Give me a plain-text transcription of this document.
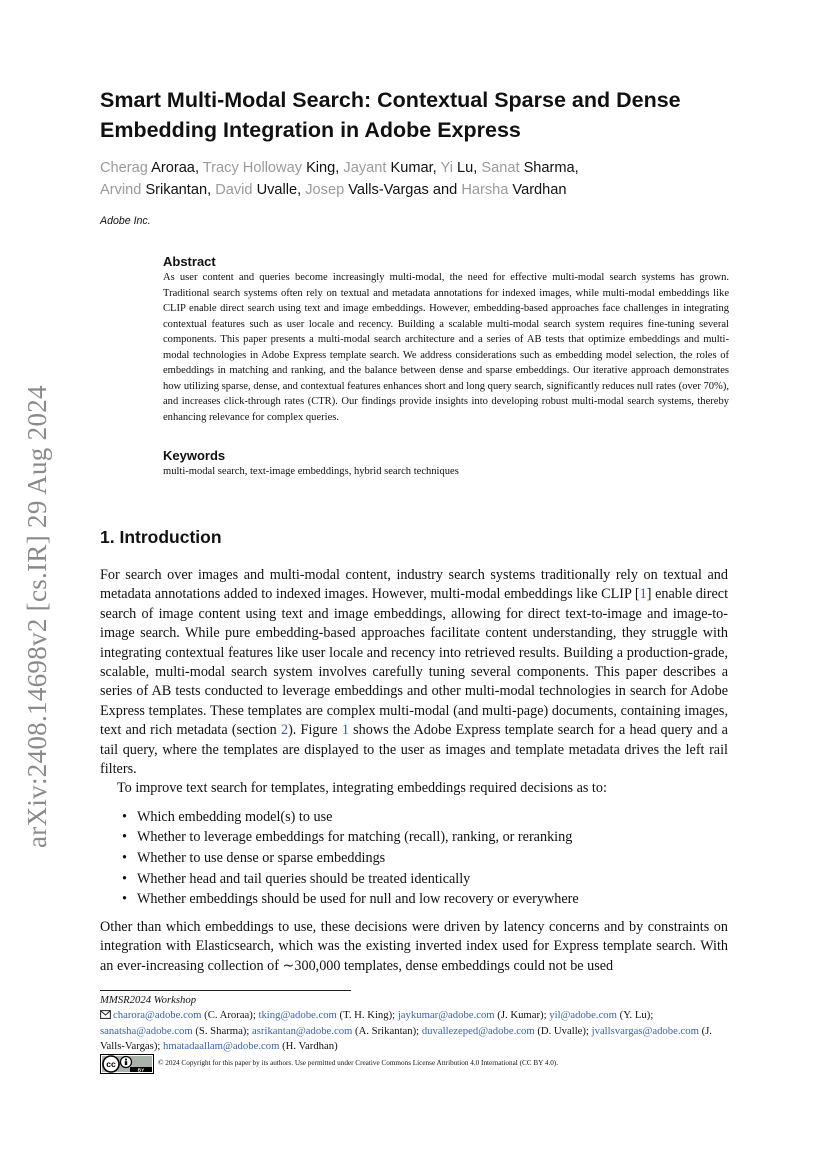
arXiv:2408.14698v2 [cs.IR] 29 Aug 2024
Smart Multi-Modal Search: Contextual Sparse and Dense Embedding Integration in Adobe Express
Cherag Aroraa, Tracy Holloway King, Jayant Kumar, Yi Lu, Sanat Sharma,
Arvind Srikantan, David Uvalle, Josep Valls-Vargas and Harsha Vardhan
Adobe Inc.
Abstract

As user content and queries become increasingly multi-modal, the need for effective multi-modal search systems has grown. Traditional search systems often rely on textual and metadata annotations for indexed images, while multi-modal embeddings like CLIP enable direct search using text and image embeddings. However, embedding-based approaches face challenges in integrating contextual features such as user locale and recency. Building a scalable multi-modal search system requires fine-tuning several components. This paper presents a multi-modal search architecture and a series of AB tests that optimize embeddings and multi-modal technologies in Adobe Express template search. We address considerations such as embedding model selection, the roles of embeddings in matching and ranking, and the balance between dense and sparse embeddings. Our iterative approach demonstrates how utilizing sparse, dense, and contextual features enhances short and long query search, significantly reduces null rates (over 70%), and increases click-through rates (CTR). Our findings provide insights into developing robust multi-modal search systems, thereby enhancing relevance for complex queries.

Keywords

multi-modal search, text-image embeddings, hybrid search techniques

1. Introduction

For search over images and multi-modal content, industry search systems traditionally rely on textual and metadata annotations added to indexed images. However, multi-modal embeddings like CLIP [1] enable direct search of image content using text and image embeddings, allowing for direct text-to-image and image-to-image search. While pure embedding-based approaches facilitate content understanding, they struggle with integrating contextual features like user locale and recency into retrieved results. Building a production-grade, scalable, multi-modal search system involves carefully tuning several components. This paper describes a series of AB tests conducted to leverage embeddings and other multi-modal technologies in search for Adobe Express templates. These templates are complex multi-modal (and multi-page) documents, containing images, text and rich metadata (section 2). Figure 1 shows the Adobe Express template search for a head query and a tail query, where the templates are displayed to the user as images and template metadata drives the left rail filters.

To improve text search for templates, integrating embeddings required decisions as to:

• Which embedding model(s) to use
• Whether to leverage embeddings for matching (recall), ranking, or reranking
• Whether to use dense or sparse embeddings
• Whether head and tail queries should be treated identically
• Whether embeddings should be used for null and low recovery or everywhere

Other than which embeddings to use, these decisions were driven by latency concerns and by constraints on integration with Elasticsearch, which was the existing inverted index used for Express template search. With an ever-increasing collection of ∼300,000 templates, dense embeddings could not be used

MMSR2024 Workshop
charora@adobe.com (C. Aroraa); tking@adobe.com (T. H. King); jaykumar@adobe.com (J. Kumar); yil@adobe.com (Y. Lu); sanatsha@adobe.com (S. Sharma); asrikantan@adobe.com (A. Srikantan); duvallezeped@adobe.com (D. Uvalle); jvallsvargas@adobe.com (J. Valls-Vargas); hmatadaallam@adobe.com (H. Vardhan)
cc
BY
© 2024 Copyright for this paper by its authors. Use permitted under Creative Commons License Attribution 4.0 International (CC BY 4.0).
